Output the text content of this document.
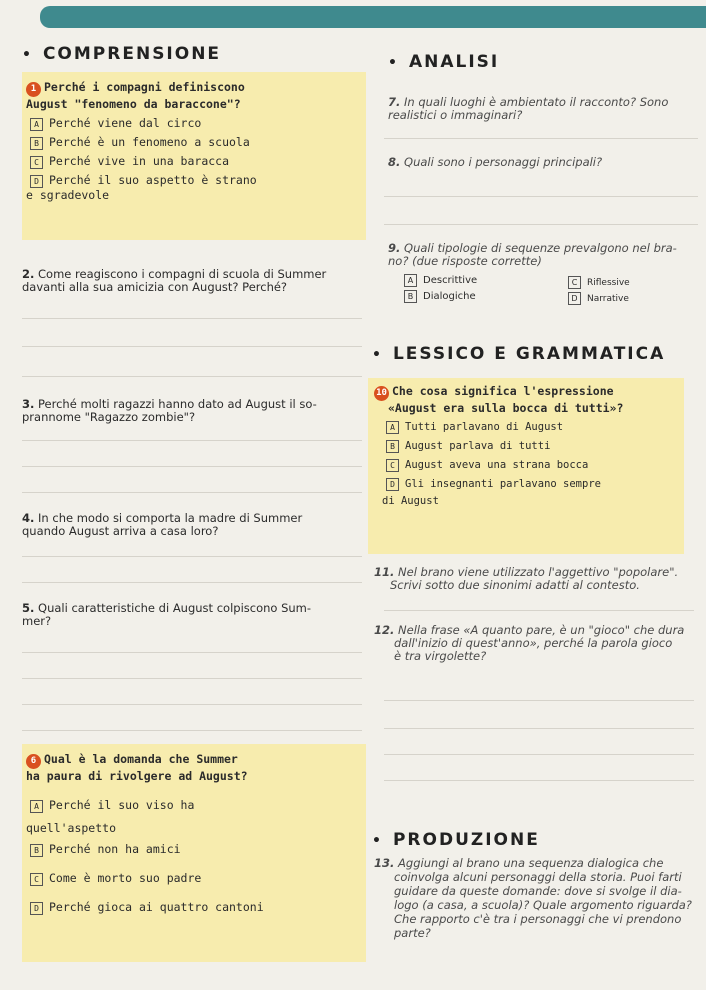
• COMPRENSIONE
•	ANALISI
• LESSICO E GRAMMATICA
• PRODUZIONE
1 Perché i compagni definiscono
August "fenomeno da baraccone"?
A Perché viene dal circo
B Perché è un fenomeno a scuola
C Perché vive in una baracca
D Perché il suo aspetto è strano
e sgradevole
2. Come reagiscono i compagni di scuola di Summer
davanti alla sua amicizia con August? Perché?
3. Perché molti ragazzi hanno dato ad August il so-
prannome "Ragazzo zombie"?
4. In che modo si comporta la madre di Summer
quando August arriva a casa loro?
5. Quali caratteristiche di August colpiscono Sum-
mer?
6 Qual è la domanda che Summer
ha paura di rivolgere ad August?
A Perché il suo viso ha
quell'aspetto
B Perché non ha amici
C Come è morto suo padre
D Perché gioca ai quattro cantoni
7. In quali luoghi è ambientato il racconto? Sono
realistici o immaginari?
8. Quali sono i personaggi principali?
9. Quali tipologie di sequenze prevalgono nel bra-
no? (due risposte corrette)
A Descrittive
B Dialogiche
C Riflessive
D Narrative
10 Che cosa significa l'espressione
«August era sulla bocca di tutti»?
A Tutti parlavano di August
B August parlava di tutti
C August aveva una strana bocca
D Gli insegnanti parlavano sempre
di August
11. Nel brano viene utilizzato l'aggettivo "popolare".
Scrivi sotto due sinonimi adatti al contesto.
12. Nella frase «A quanto pare, è un "gioco" che dura
dall'inizio di quest'anno», perché la parola gioco
è tra virgolette?
13. Aggiungi al brano una sequenza dialogica che
coinvolga alcuni personaggi della storia. Puoi farti
guidare da queste domande: dove si svolge il dia-
logo (a casa, a scuola)? Quale argomento riguarda?
Che rapporto c'è tra i personaggi che vi prendono
parte?
